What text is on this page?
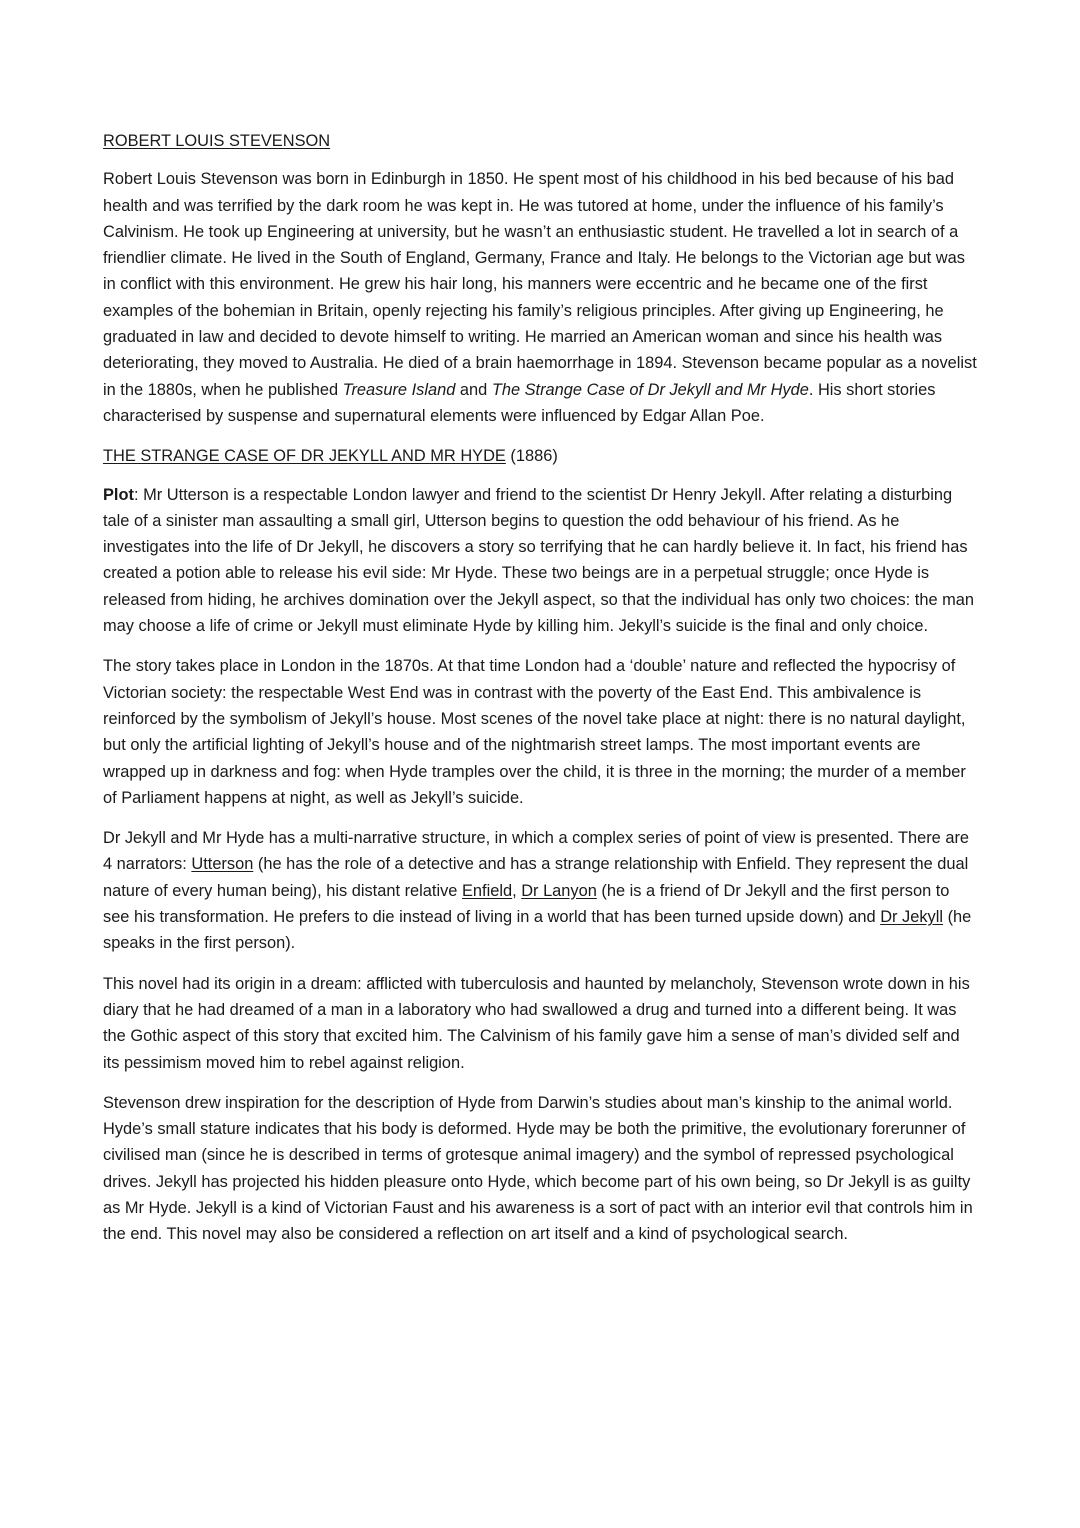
ROBERT LOUIS STEVENSON

Robert Louis Stevenson was born in Edinburgh in 1850. He spent most of his childhood in his bed because of his bad health and was terrified by the dark room he was kept in. He was tutored at home, under the influence of his family’s Calvinism. He took up Engineering at university, but he wasn’t an enthusiastic student. He travelled a lot in search of a friendlier climate. He lived in the South of England, Germany, France and Italy. He belongs to the Victorian age but was in conflict with this environment. He grew his hair long, his manners were eccentric and he became one of the first examples of the bohemian in Britain, openly rejecting his family’s religious principles. After giving up Engineering, he graduated in law and decided to devote himself to writing. He married an American woman and since his health was deteriorating, they moved to Australia. He died of a brain haemorrhage in 1894. Stevenson became popular as a novelist in the 1880s, when he published Treasure Island and The Strange Case of Dr Jekyll and Mr Hyde. His short stories characterised by suspense and supernatural elements were influenced by Edgar Allan Poe.

THE STRANGE CASE OF DR JEKYLL AND MR HYDE (1886)

Plot: Mr Utterson is a respectable London lawyer and friend to the scientist Dr Henry Jekyll. After relating a disturbing tale of a sinister man assaulting a small girl, Utterson begins to question the odd behaviour of his friend. As he investigates into the life of Dr Jekyll, he discovers a story so terrifying that he can hardly believe it. In fact, his friend has created a potion able to release his evil side: Mr Hyde. These two beings are in a perpetual struggle; once Hyde is released from hiding, he archives domination over the Jekyll aspect, so that the individual has only two choices: the man may choose a life of crime or Jekyll must eliminate Hyde by killing him. Jekyll’s suicide is the final and only choice.

The story takes place in London in the 1870s. At that time London had a ‘double’ nature and reflected the hypocrisy of Victorian society: the respectable West End was in contrast with the poverty of the East End. This ambivalence is reinforced by the symbolism of Jekyll’s house. Most scenes of the novel take place at night: there is no natural daylight, but only the artificial lighting of Jekyll’s house and of the nightmarish street lamps. The most important events are wrapped up in darkness and fog: when Hyde tramples over the child, it is three in the morning; the murder of a member of Parliament happens at night, as well as Jekyll’s suicide.

Dr Jekyll and Mr Hyde has a multi-narrative structure, in which a complex series of point of view is presented. There are 4 narrators: Utterson (he has the role of a detective and has a strange relationship with Enfield. They represent the dual nature of every human being), his distant relative Enfield, Dr Lanyon (he is a friend of Dr Jekyll and the first person to see his transformation. He prefers to die instead of living in a world that has been turned upside down) and Dr Jekyll (he speaks in the first person).

This novel had its origin in a dream: afflicted with tuberculosis and haunted by melancholy, Stevenson wrote down in his diary that he had dreamed of a man in a laboratory who had swallowed a drug and turned into a different being. It was the Gothic aspect of this story that excited him. The Calvinism of his family gave him a sense of man’s divided self and its pessimism moved him to rebel against religion.

Stevenson drew inspiration for the description of Hyde from Darwin’s studies about man’s kinship to the animal world. Hyde’s small stature indicates that his body is deformed. Hyde may be both the primitive, the evolutionary forerunner of civilised man (since he is described in terms of grotesque animal imagery) and the symbol of repressed psychological drives. Jekyll has projected his hidden pleasure onto Hyde, which become part of his own being, so Dr Jekyll is as guilty as Mr Hyde. Jekyll is a kind of Victorian Faust and his awareness is a sort of pact with an interior evil that controls him in the end. This novel may also be considered a reflection on art itself and a kind of psychological search.
